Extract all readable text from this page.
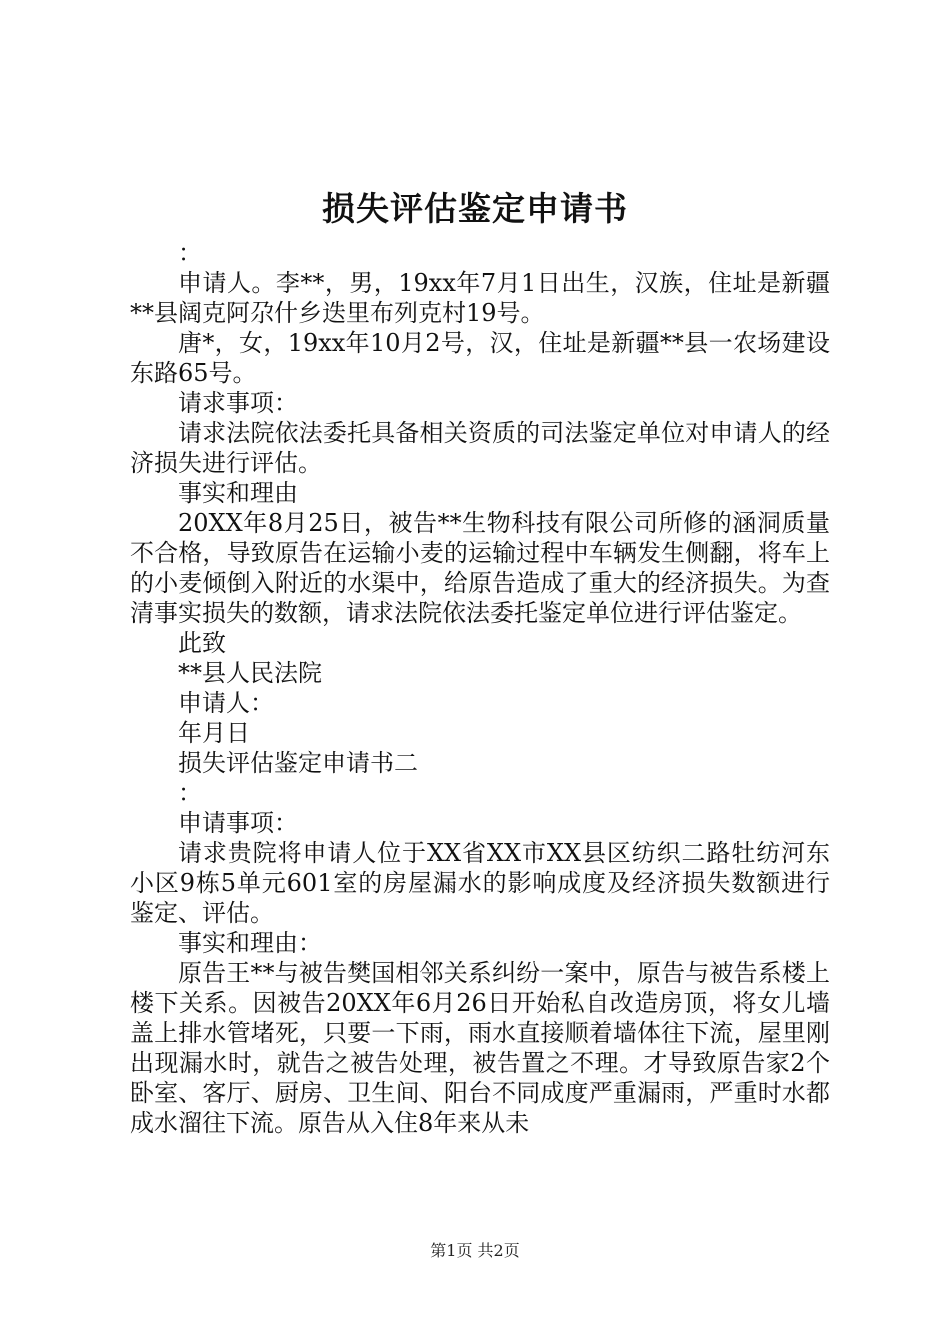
损失评估鉴定申请书

：

申请人。李**，男，19xx年7月1日出生，汉族，住址是新疆**县阔克阿尕什乡迭里布列克村19号。

唐*，女，19xx年10月2号，汉，住址是新疆**县一农场建设东路65号。

请求事项：

请求法院依法委托具备相关资质的司法鉴定单位对申请人的经济损失进行评估。

事实和理由

20XX年8月25日，被告**生物科技有限公司所修的涵洞质量不合格，导致原告在运输小麦的运输过程中车辆发生侧翻，将车上的小麦倾倒入附近的水渠中，给原告造成了重大的经济损失。为查清事实损失的数额，请求法院依法委托鉴定单位进行评估鉴定。

此致

**县人民法院

申请人：

年月日

损失评估鉴定申请书二

：

申请事项：

请求贵院将申请人位于XX省XX市XX县区纺织二路牡纺河东小区9栋5单元601室的房屋漏水的影响成度及经济损失数额进行鉴定、评估。

事实和理由：

原告王**与被告樊国相邻关系纠纷一案中，原告与被告系楼上楼下关系。因被告20XX年6月26日开始私自改造房顶，将女儿墙盖上排水管堵死，只要一下雨，雨水直接顺着墙体往下流，屋里刚出现漏水时，就告之被告处理，被告置之不理。才导致原告家2个卧室、客厅、厨房、卫生间、阳台不同成度严重漏雨，严重时水都成水溜往下流。原告从入住8年来从未

第1页 共2页
